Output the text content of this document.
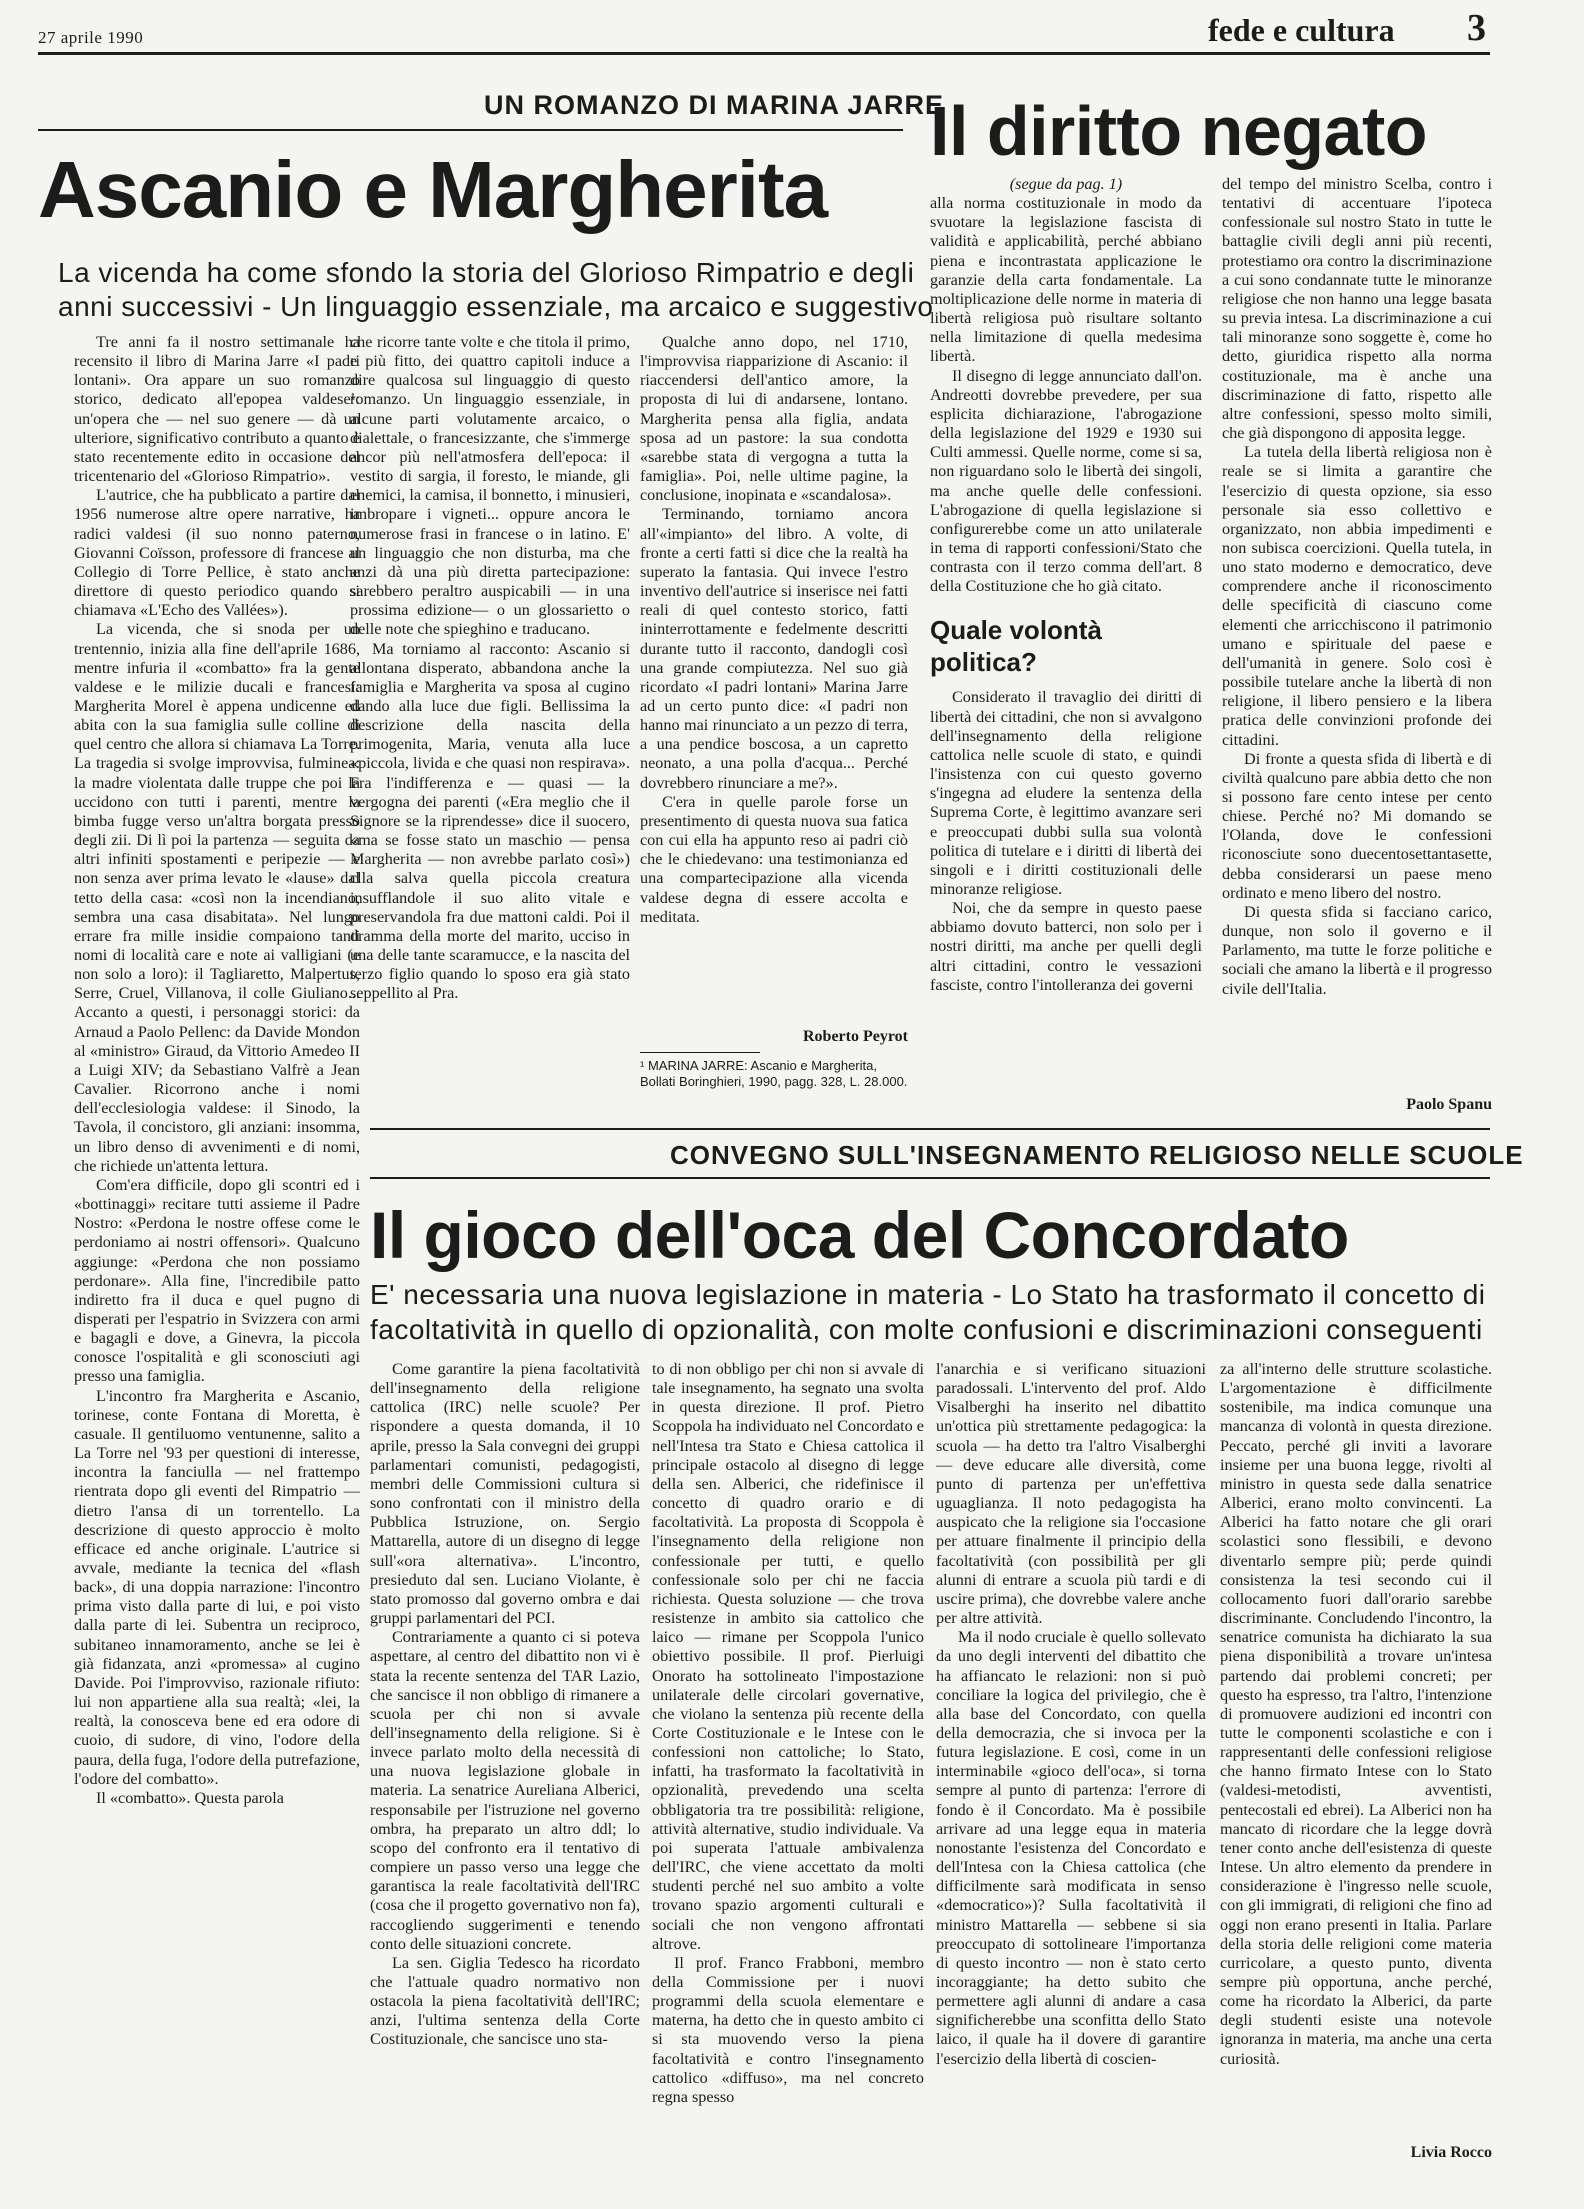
27 aprile 1990	fede e cultura 3
UN ROMANZO DI MARINA JARRE
Ascanio e Margherita
La vicenda ha come sfondo la storia del Glorioso Rimpatrio e degli
anni successivi - Un linguaggio essenziale, ma arcaico e suggestivo

Tre anni fa il nostro settimanale ha recensito il libro di Marina Jarre «I padri lontani». Ora appare un suo romanzo storico, dedicato all'epopea valdese¹: un'opera che — nel suo genere — dà un ulteriore, significativo contributo a quanto è stato recentemente edito in occasione del tricentenario del «Glorioso Rimpatrio».

L'autrice, che ha pubblicato a partire dal 1956 numerose altre opere narrative, ha radici valdesi (il suo nonno paterno, Giovanni Coïsson, professore di francese al Collegio di Torre Pellice, è stato anche direttore di questo periodico quando si chiamava «L'Echo des Vallées»).

La vicenda, che si snoda per un trentennio, inizia alla fine dell'aprile 1686, mentre infuria il «combatto» fra la gente valdese e le milizie ducali e francesi: Margherita Morel è appena undicenne ed abita con la sua famiglia sulle colline di quel centro che allora si chiamava La Torre. La tragedia si svolge improvvisa, fulminea: la madre violentata dalle truppe che poi la uccidono con tutti i parenti, mentre la bimba fugge verso un'altra borgata presso degli zii. Di lì poi la partenza — seguita da altri infiniti spostamenti e peripezie — e non senza aver prima levato le «lause» dal tetto della casa: «così non la incendiano, sembra una casa disabitata». Nel lungo errare fra mille insidie compaiono tanti nomi di località care e note ai valligiani (e non solo a loro): il Tagliaretto, Malpertus, Serre, Cruel, Villanova, il colle Giuliano... Accanto a questi, i personaggi storici: da Arnaud a Paolo Pellenc: da Davide Mondon al «ministro» Giraud, da Vittorio Amedeo II a Luigi XIV; da Sebastiano Valfrè a Jean Cavalier. Ricorrono anche i nomi dell'ecclesiologia valdese: il Sinodo, la Tavola, il concistoro, gli anziani: insomma, un libro denso di avvenimenti e di nomi, che richiede un'attenta lettura.

Com'era difficile, dopo gli scontri ed i «bottinaggi» recitare tutti assieme il Padre Nostro: «Perdona le nostre offese come le perdoniamo ai nostri offensori». Qualcuno aggiunge: «Perdona che non possiamo perdonare». Alla fine, l'incredibile patto indiretto fra il duca e quel pugno di disperati per l'espatrio in Svizzera con armi e bagagli e dove, a Ginevra, la piccola conosce l'ospitalità e gli sconosciuti agi presso una famiglia.

L'incontro fra Margherita e Ascanio, torinese, conte Fontana di Moretta, è casuale. Il gentiluomo ventunenne, salito a La Torre nel '93 per questioni di interesse, incontra la fanciulla — nel frattempo rientrata dopo gli eventi del Rimpatrio — dietro l'ansa di un torrentello. La descrizione di questo approccio è molto efficace ed anche originale. L'autrice si avvale, mediante la tecnica del «flash back», di una doppia narrazione: l'incontro prima visto dalla parte di lui, e poi visto dalla parte di lei. Subentra un reciproco, subitaneo innamoramento, anche se lei è già fidanzata, anzi «promessa» al cugino Davide. Poi l'improvviso, razionale rifiuto: lui non appartiene alla sua realtà; «lei, la realtà, la conosceva bene ed era odore di cuoio, di sudore, di vino, l'odore della paura, della fuga, l'odore della putrefazione, l'odore del combatto».

Il «combatto». Questa parola

che ricorre tante volte e che titola il primo, e più fitto, dei quattro capitoli induce a dire qualcosa sul linguaggio di questo romanzo. Un linguaggio essenziale, in alcune parti volutamente arcaico, o dialettale, o francesizzante, che s'immerge ancor più nell'atmosfera dell'epoca: il vestito di sargia, il foresto, le miande, gli enemici, la camisa, il bonnetto, i minusieri, imbropare i vigneti... oppure ancora le numerose frasi in francese o in latino. E' un linguaggio che non disturba, ma che anzi dà una più diretta partecipazione: sarebbero peraltro auspicabili — in una prossima edizione— o un glossarietto o delle note che spieghino e traducano.

Ma torniamo al racconto: Ascanio si allontana disperato, abbandona anche la famiglia e Margherita va sposa al cugino dando alla luce due figli. Bellissima la descrizione della nascita della primogenita, Maria, venuta alla luce «piccola, livida e che quasi non respirava». Fra l'indifferenza e — quasi — la vergogna dei parenti («Era meglio che il Signore se la riprendesse» dice il suocero, «ma se fosse stato un maschio — pensa Margherita — non avrebbe parlato così») clla salva quella piccola creatura insufflandole il suo alito vitale e preservandola fra due mattoni caldi. Poi il dramma della morte del marito, ucciso in una delle tante scaramucce, e la nascita del terzo figlio quando lo sposo era già stato seppellito al Pra.

Qualche anno dopo, nel 1710, l'improvvisa riapparizione di Ascanio: il riaccendersi dell'antico amore, la proposta di lui di andarsene, lontano. Margherita pensa alla figlia, andata sposa ad un pastore: la sua condotta «sarebbe stata di vergogna a tutta la famiglia». Poi, nelle ultime pagine, la conclusione, inopinata e «scandalosa».

Terminando, torniamo ancora all'«impianto» del libro. A volte, di fronte a certi fatti si dice che la realtà ha superato la fantasia. Qui invece l'estro inventivo dell'autrice si inserisce nei fatti reali di quel contesto storico, fatti ininterrottamente e fedelmente descritti durante tutto il racconto, dandogli così una grande compiutezza. Nel suo già ricordato «I padri lontani» Marina Jarre ad un certo punto dice: «I padri non hanno mai rinunciato a un pezzo di terra, a una pendice boscosa, a un capretto neonato, a una polla d'acqua... Perché dovrebbero rinunciare a me?».

C'era in quelle parole forse un presentimento di questa nuova sua fatica con cui ella ha appunto reso ai padri ciò che le chiedevano: una testimonianza ed una compartecipazione alla vicenda valdese degna di essere accolta e meditata.

Roberto Peyrot
¹ MARINA JARRE: Ascanio e Margherita, Bollati Boringhieri, 1990, pagg. 328, L. 28.000.
Il diritto negato

(segue da pag. 1)

alla norma costituzionale in modo da svuotare la legislazione fascista di validità e applicabilità, perché abbiano piena e incontrastata applicazione le garanzie della carta fondamentale. La moltiplicazione delle norme in materia di libertà religiosa può risultare soltanto nella limitazione di quella medesima libertà.

Il disegno di legge annunciato dall'on. Andreotti dovrebbe prevedere, per sua esplicita dichiarazione, l'abrogazione della legislazione del 1929 e 1930 sui Culti ammessi. Quelle norme, come si sa, non riguardano solo le libertà dei singoli, ma anche quelle delle confessioni. L'abrogazione di quella legislazione si configurerebbe come un atto unilaterale in tema di rapporti confessioni/Stato che contrasta con il terzo comma dell'art. 8 della Costituzione che ho già citato.

Quale volontà politica?

Considerato il travaglio dei diritti di libertà dei cittadini, che non si avvalgono dell'insegnamento della religione cattolica nelle scuole di stato, e quindi l'insistenza con cui questo governo s'ingegna ad eludere la sentenza della Suprema Corte, è legittimo avanzare seri e preoccupati dubbi sulla sua volontà politica di tutelare e i diritti di libertà dei singoli e i diritti costituzionali delle minoranze religiose.

Noi, che da sempre in questo paese abbiamo dovuto batterci, non solo per i nostri diritti, ma anche per quelli degli altri cittadini, contro le vessazioni fasciste, contro l'intolleranza dei governi

del tempo del ministro Scelba, contro i tentativi di accentuare l'ipoteca confessionale sul nostro Stato in tutte le battaglie civili degli anni più recenti, protestiamo ora contro la discriminazione a cui sono condannate tutte le minoranze religiose che non hanno una legge basata su previa intesa. La discriminazione a cui tali minoranze sono soggette è, come ho detto, giuridica rispetto alla norma costituzionale, ma è anche una discriminazione di fatto, rispetto alle altre confessioni, spesso molto simili, che già dispongono di apposita legge.

La tutela della libertà religiosa non è reale se si limita a garantire che l'esercizio di questa opzione, sia esso personale sia esso collettivo e organizzato, non abbia impedimenti e non subisca coercizioni. Quella tutela, in uno stato moderno e democratico, deve comprendere anche il riconoscimento delle specificità di ciascuno come elementi che arricchiscono il patrimonio umano e spirituale del paese e dell'umanità in genere. Solo così è possibile tutelare anche la libertà di non religione, il libero pensiero e la libera pratica delle convinzioni profonde dei cittadini.

Di fronte a questa sfida di libertà e di civiltà qualcuno pare abbia detto che non si possono fare cento intese per cento chiese. Perché no? Mi domando se l'Olanda, dove le confessioni riconosciute sono duecentosettantasette, debba considerarsi un paese meno ordinato e meno libero del nostro.

Di questa sfida si facciano carico, dunque, non solo il governo e il Parlamento, ma tutte le forze politiche e sociali che amano la libertà e il progresso civile dell'Italia.

Paolo Spanu
CONVEGNO SULL'INSEGNAMENTO RELIGIOSO NELLE SCUOLE
Il gioco dell'oca del Concordato
E' necessaria una nuova legislazione in materia - Lo Stato ha trasformato il concetto di
facoltatività in quello di opzionalità, con molte confusioni e discriminazioni conseguenti

Come garantire la piena facoltatività dell'insegnamento della religione cattolica (IRC) nelle scuole? Per rispondere a questa domanda, il 10 aprile, presso la Sala convegni dei gruppi parlamentari comunisti, pedagogisti, membri delle Commissioni cultura si sono confrontati con il ministro della Pubblica Istruzione, on. Sergio Mattarella, autore di un disegno di legge sull'«ora alternativa». L'incontro, presieduto dal sen. Luciano Violante, è stato promosso dal governo ombra e dai gruppi parlamentari del PCI.

Contrariamente a quanto ci si poteva aspettare, al centro del dibattito non vi è stata la recente sentenza del TAR Lazio, che sancisce il non obbligo di rimanere a scuola per chi non si avvale dell'insegnamento della religione. Si è invece parlato molto della necessità di una nuova legislazione globale in materia. La senatrice Aureliana Alberici, responsabile per l'istruzione nel governo ombra, ha preparato un altro ddl; lo scopo del confronto era il tentativo di compiere un passo verso una legge che garantisca la reale facoltatività dell'IRC (cosa che il progetto governativo non fa), raccogliendo suggerimenti e tenendo conto delle situazioni concrete.

La sen. Giglia Tedesco ha ricordato che l'attuale quadro normativo non ostacola la piena facoltatività dell'IRC; anzi, l'ultima sentenza della Corte Costituzionale, che sancisce uno sta-

to di non obbligo per chi non si avvale di tale insegnamento, ha segnato una svolta in questa direzione. Il prof. Pietro Scoppola ha individuato nel Concordato e nell'Intesa tra Stato e Chiesa cattolica il principale ostacolo al disegno di legge della sen. Alberici, che ridefinisce il concetto di quadro orario e di facoltatività. La proposta di Scoppola è l'insegnamento della religione non confessionale per tutti, e quello confessionale solo per chi ne faccia richiesta. Questa soluzione — che trova resistenze in ambito sia cattolico che laico — rimane per Scoppola l'unico obiettivo possibile. Il prof. Pierluigi Onorato ha sottolineato l'impostazione unilaterale delle circolari governative, che violano la sentenza più recente della Corte Costituzionale e le Intese con le confessioni non cattoliche; lo Stato, infatti, ha trasformato la facoltatività in opzionalità, prevedendo una scelta obbligatoria tra tre possibilità: religione, attività alternative, studio individuale. Va poi superata l'attuale ambivalenza dell'IRC, che viene accettato da molti studenti perché nel suo ambito a volte trovano spazio argomenti culturali e sociali che non vengono affrontati altrove.

Il prof. Franco Frabboni, membro della Commissione per i nuovi programmi della scuola elementare e materna, ha detto che in questo ambito ci si sta muovendo verso la piena facoltatività e contro l'insegnamento cattolico «diffuso», ma nel concreto regna spesso

l'anarchia e si verificano situazioni paradossali. L'intervento del prof. Aldo Visalberghi ha inserito nel dibattito un'ottica più strettamente pedagogica: la scuola — ha detto tra l'altro Visalberghi — deve educare alle diversità, come punto di partenza per un'effettiva uguaglianza. Il noto pedagogista ha auspicato che la religione sia l'occasione per attuare finalmente il principio della facoltatività (con possibilità per gli alunni di entrare a scuola più tardi e di uscire prima), che dovrebbe valere anche per altre attività.

Ma il nodo cruciale è quello sollevato da uno degli interventi del dibattito che ha affiancato le relazioni: non si può conciliare la logica del privilegio, che è alla base del Concordato, con quella della democrazia, che si invoca per la futura legislazione. E così, come in un interminabile «gioco dell'oca», si torna sempre al punto di partenza: l'errore di fondo è il Concordato. Ma è possibile arrivare ad una legge equa in materia nonostante l'esistenza del Concordato e dell'Intesa con la Chiesa cattolica (che difficilmente sarà modificata in senso «democratico»)? Sulla facoltatività il ministro Mattarella — sebbene si sia preoccupato di sottolineare l'importanza di questo incontro — non è stato certo incoraggiante; ha detto subito che permettere agli alunni di andare a casa significherebbe una sconfitta dello Stato laico, il quale ha il dovere di garantire l'esercizio della libertà di coscien-

za all'interno delle strutture scolastiche. L'argomentazione è difficilmente sostenibile, ma indica comunque una mancanza di volontà in questa direzione. Peccato, perché gli inviti a lavorare insieme per una buona legge, rivolti al ministro in questa sede dalla senatrice Alberici, erano molto convincenti. La Alberici ha fatto notare che gli orari scolastici sono flessibili, e devono diventarlo sempre più; perde quindi consistenza la tesi secondo cui il collocamento fuori dall'orario sarebbe discriminante. Concludendo l'incontro, la senatrice comunista ha dichiarato la sua piena disponibilità a trovare un'intesa partendo dai problemi concreti; per questo ha espresso, tra l'altro, l'intenzione di promuovere audizioni ed incontri con tutte le componenti scolastiche e con i rappresentanti delle confessioni religiose che hanno firmato Intese con lo Stato (valdesi-metodisti, avventisti, pentecostali ed ebrei). La Alberici non ha mancato di ricordare che la legge dovrà tener conto anche dell'esistenza di queste Intese. Un altro elemento da prendere in considerazione è l'ingresso nelle scuole, con gli immigrati, di religioni che fino ad oggi non erano presenti in Italia. Parlare della storia delle religioni come materia curricolare, a questo punto, diventa sempre più opportuna, anche perché, come ha ricordato la Alberici, da parte degli studenti esiste una notevole ignoranza in materia, ma anche una certa curiosità.

Livia Rocco
